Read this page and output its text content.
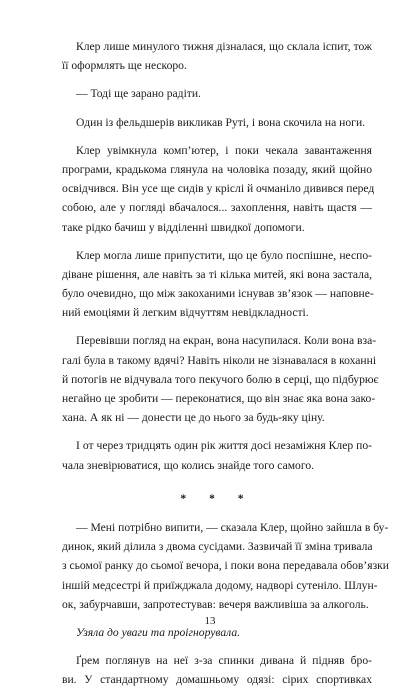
Клер лише минулого тижня дізналася, що склала іспит, тож
її оформлять ще нескоро.
— Тоді ще зарано радіти.
Один із фельдшерів викликав Руті, і вона скочила на ноги.
Клер увімкнула комп’ютер, і поки чекала завантаження
програми, крадькома глянула на чоловіка позаду, який щойно
освідчився. Він усе ще сидів у кріслі й очманіло дивився перед
собою, але у погляді вбачалося... захоплення, навіть щастя —
таке рідко бачиш у відділенні швидкої допомоги.
Клер могла лише припустити, що це було поспішне, неспо-
діване рішення, але навіть за ті кілька митей, які вона застала,
було очевидно, що між закоханими існував зв’язок — наповне-
ний емоціями й легким відчуттям невідкладності.
Перевівши погляд на екран, вона насупилася. Коли вона вза-
галі була в такому вдячі? Навіть ніколи не зізнавалася в коханні
й потогів не відчувала того пекучого болю в серці, що підбурює
негайно це зробити — переконатися, що він знає яка вона зако-
хана. А як ні — донести це до нього за будь-яку ціну.
І от через тридцять один рік життя досі незаміжня Клер по-
чала зневірюватися, що колись знайде того самого.
* * *
— Мені потрібно випити, — сказала Клер, щойно зайшла в бу-
динок, який ділила з двома сусідами. Зазвичай її зміна тривала
з сьомої ранку до сьомої вечора, і поки вона передавала обов’язки
іншій медсестрі й приїжджала додому, надворі сутеніло. Шлун-
ок, забурчавши, запротестував: вечеря важливіша за алкоголь.
Узяла до уваги та проігнорувала.
Ґрем поглянув на неї з-за спинки дивана й підняв бро-
ви. У стандартному домашньому одязі: сірих спортивках
13
